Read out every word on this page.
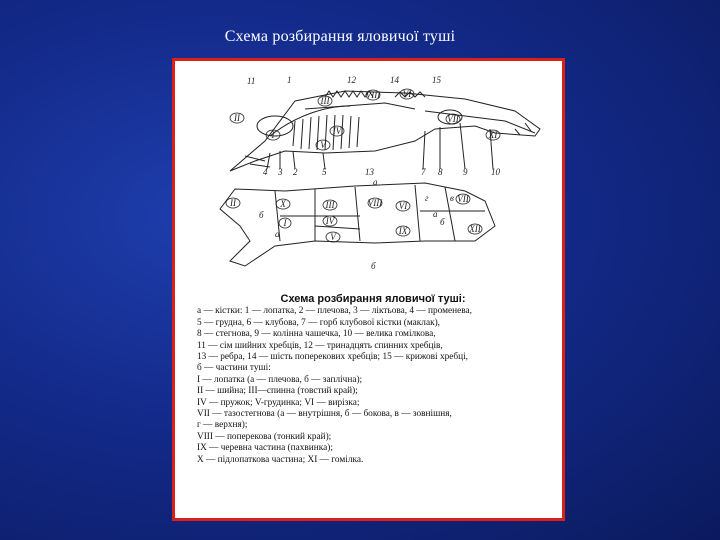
Схема розбирання яловичої туші
11	1	12	14	15
4 3 2	5	13	7 8 9	10
а
II
I
III
IV
V
VIII	VI
VII
XI
II	X
I
III
IV
V
VIII VI
VII
IX	XII
б
а
г в
a
б
б
Схема розбирання яловичої туші:
а — кістки: 1 — лопатка, 2 — плечова, 3 — ліктьова, 4 — променева,
5 — грудна, 6 — клубова, 7 — горб клубової кістки (маклак),
8 — стегнова, 9 — колінна чашечка, 10 — велика гомілкова,
11 — сім шийних хребців, 12 — тринадцять спинних хребців,
13 — ребра, 14 — шість поперекових хребців; 15 — крижові хребці,
б — частини туші:
I — лопатка (а — плечова, б — заплічна);
II — шийна; III—спинна (товстий край);
IV — пружок; V-грудинка; VI — вирізка;
VII — тазостегнова (а — внутрішня, б — бокова, в — зовнішня,
г — верхня);
VIII — поперекова (тонкий край);
IX — черевна частина (пахвинка);
X — підлопаткова частина; XI — гомілка.
